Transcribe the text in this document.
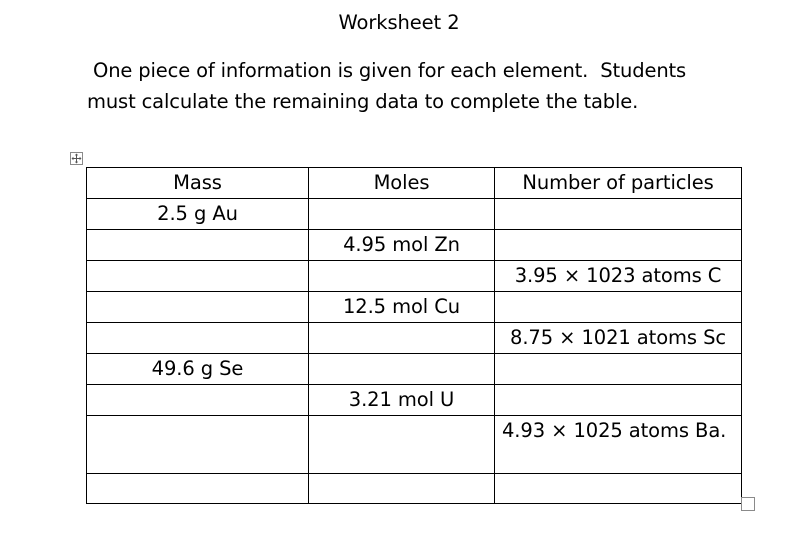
Worksheet 2
One piece of information is given for each element.  Students
must calculate the remaining data to complete the table.
Mass	Moles	Number of particles
2.5 g Au		
	4.95 mol Zn	
		3.95 × 1023 atoms C
	12.5 mol Cu	
		8.75 × 1021 atoms Sc
49.6 g Se		
	3.21 mol U	
		4.93 × 1025 atoms Ba.
